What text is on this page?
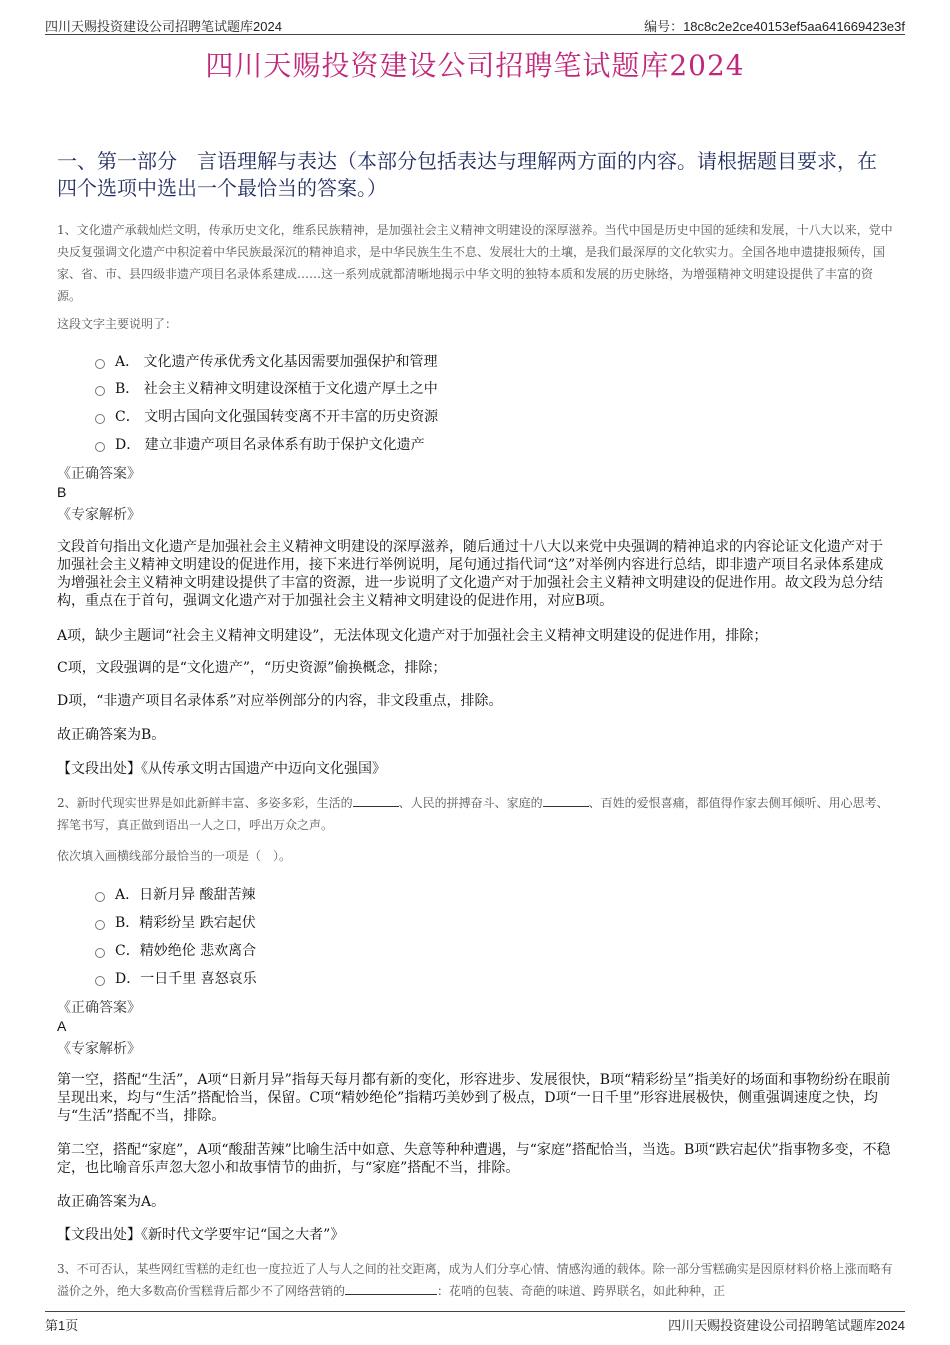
四川天赐投资建设公司招聘笔试题库2024	编号：18c8c2e2ce40153ef5aa641669423e3f
四川天赐投资建设公司招聘笔试题库2024
一、第一部分　言语理解与表达（本部分包括表达与理解两方面的内容。请根据题目要求，在四个选项中选出一个最恰当的答案。）
1、文化遗产承载灿烂文明，传承历史文化，维系民族精神，是加强社会主义精神文明建设的深厚滋养。当代中国是历史中国的延续和发展，十八大以来，党中央反复强调文化遗产中积淀着中华民族最深沉的精神追求，是中华民族生生不息、发展壮大的土壤，是我们最深厚的文化软实力。全国各地申遗捷报频传，国家、省、市、县四级非遗产项目名录体系建成……这一系列成就都清晰地揭示中华文明的独特本质和发展的历史脉络，为增强精神文明建设提供了丰富的资源。
这段文字主要说明了：
A． 文化遗产传承优秀文化基因需要加强保护和管理
B． 社会主义精神文明建设深植于文化遗产厚土之中
C． 文明古国向文化强国转变离不开丰富的历史资源
D． 建立非遗产项目名录体系有助于保护文化遗产
《正确答案》
B
《专家解析》
文段首句指出文化遗产是加强社会主义精神文明建设的深厚滋养，随后通过十八大以来党中央强调的精神追求的内容论证文化遗产对于加强社会主义精神文明建设的促进作用，接下来进行举例说明，尾句通过指代词“这”对举例内容进行总结，即非遗产项目名录体系建成为增强社会主义精神文明建设提供了丰富的资源，进一步说明了文化遗产对于加强社会主义精神文明建设的促进作用。故文段为总分结构，重点在于首句，强调文化遗产对于加强社会主义精神文明建设的促进作用，对应B项。
A项，缺少主题词“社会主义精神文明建设”，无法体现文化遗产对于加强社会主义精神文明建设的促进作用，排除；
C项，文段强调的是“文化遗产”，“历史资源”偷换概念，排除；
D项，“非遗产项目名录体系”对应举例部分的内容，非文段重点，排除。
故正确答案为B。
【文段出处】《从传承文明古国遗产中迈向文化强国》
2、新时代现实世界是如此新鲜丰富、多姿多彩，生活的	、人民的拼搏奋斗、家庭的	、百姓的爱恨喜痛，都值得作家去侧耳倾听、用心思考、挥笔书写，真正做到语出一人之口，呼出万众之声。
依次填入画横线部分最恰当的一项是（　）。
A．日新月异 酸甜苦辣
B．精彩纷呈 跌宕起伏
C．精妙绝伦 悲欢离合
D．一日千里 喜怒哀乐
《正确答案》
A
《专家解析》
第一空，搭配“生活”，A项“日新月异”指每天每月都有新的变化，形容进步、发展很快，B项“精彩纷呈”指美好的场面和事物纷纷在眼前呈现出来，均与“生活”搭配恰当，保留。C项“精妙绝伦”指精巧美妙到了极点，D项“一日千里”形容进展极快，侧重强调速度之快，均与“生活”搭配不当，排除。
第二空，搭配“家庭”，A项“酸甜苦辣”比喻生活中如意、失意等种种遭遇，与“家庭”搭配恰当，当选。B项“跌宕起伏”指事物多变，不稳定，也比喻音乐声忽大忽小和故事情节的曲折，与“家庭”搭配不当，排除。
故正确答案为A。
【文段出处】《新时代文学要牢记“国之大者”》
3、不可否认，某些网红雪糕的走红也一度拉近了人与人之间的社交距离，成为人们分享心情、情感沟通的载体。除一部分雪糕确实是因原材料价格上涨而略有溢价之外，绝大多数高价雪糕背后都少不了网络营销的	：花哨的包装、奇葩的味道、跨界联名，如此种种，正
第1页	四川天赐投资建设公司招聘笔试题库2024
